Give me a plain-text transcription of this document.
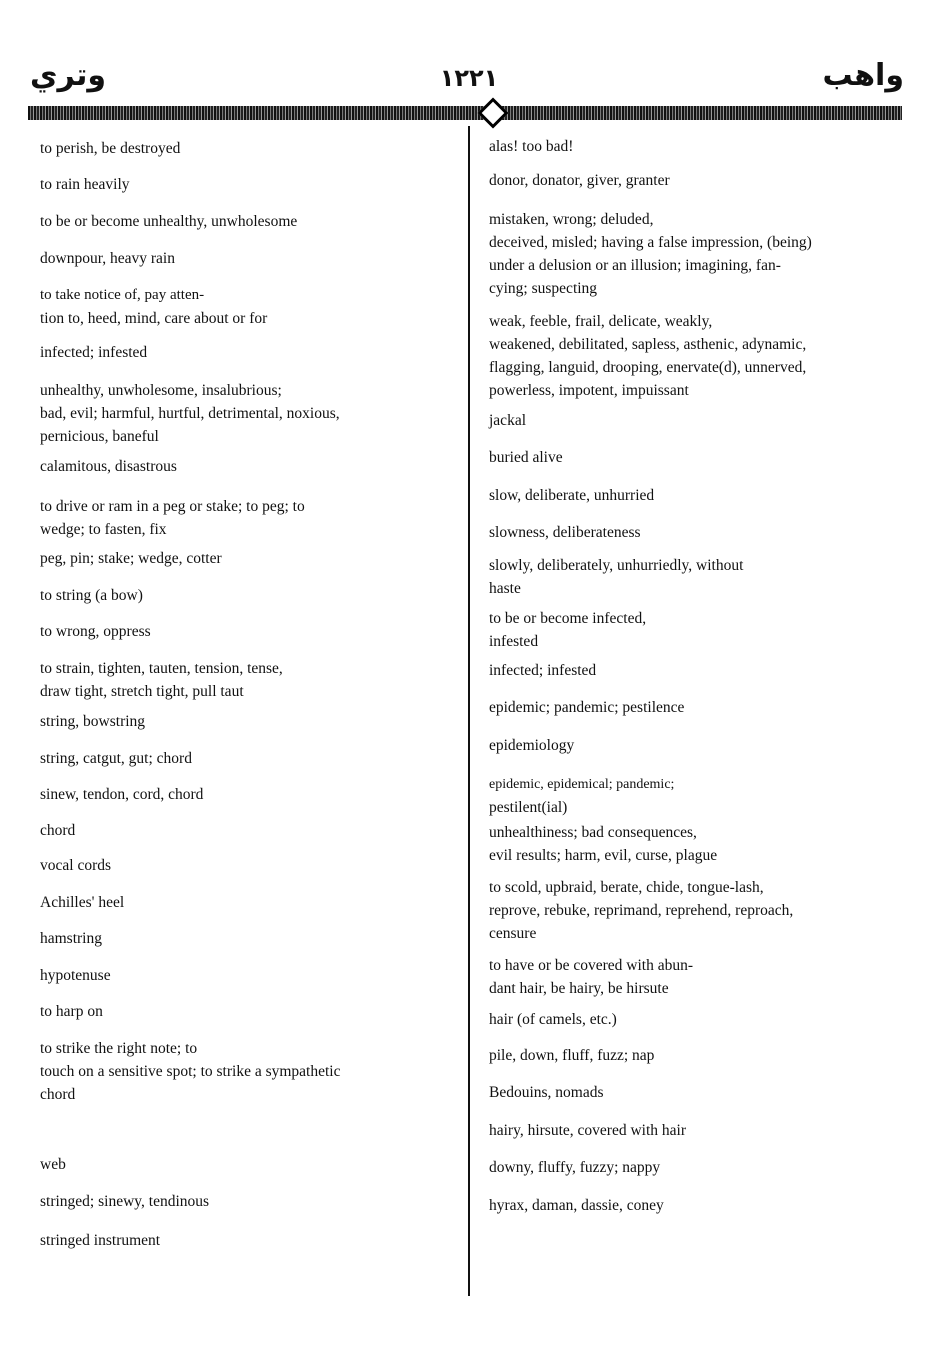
وتري	١٢٢١	واهب
to perish, be destroyed
to rain heavily
to be or become unhealthy, unwholesome
downpour, heavy rain
to take notice of, pay atten-
tion to, heed, mind, care about or for
infected; infested
unhealthy, unwholesome, insalubrious;
bad, evil; harmful, hurtful, detrimental, noxious,
pernicious, baneful
calamitous, disastrous
to drive or ram in a peg or stake; to peg; to
wedge; to fasten, fix
peg, pin; stake; wedge, cotter
to string (a bow)
to wrong, oppress
to strain, tighten, tauten, tension, tense,
draw tight, stretch tight, pull taut
string, bowstring
string, catgut, gut; chord
sinew, tendon, cord, chord
chord
vocal cords
Achilles' heel
hamstring
hypotenuse
to harp on
to strike the right note; to
touch on a sensitive spot; to strike a sympathetic
chord
web
stringed; sinewy, tendinous
stringed instrument
alas! too bad!
donor, donator, giver, granter
mistaken, wrong; deluded,
deceived, misled; having a false impression, (being)
under a delusion or an illusion; imagining, fan-
cying; suspecting
weak, feeble, frail, delicate, weakly,
weakened, debilitated, sapless, asthenic, adynamic,
flagging, languid, drooping, enervate(d), unnerved,
powerless, impotent, impuissant
jackal
buried alive
slow, deliberate, unhurried
slowness, deliberateness
slowly, deliberately, unhurriedly, without
haste
to be or become infected,
infested
infected; infested
epidemic; pandemic; pestilence
epidemiology
epidemic, epidemical; pandemic;
pestilent(ial)
unhealthiness; bad consequences,
evil results; harm, evil, curse, plague
to scold, upbraid, berate, chide, tongue-lash,
reprove, rebuke, reprimand, reprehend, reproach,
censure
to have or be covered with abun-
dant hair, be hairy, be hirsute
hair (of camels, etc.)
pile, down, fluff, fuzz; nap
Bedouins, nomads
hairy, hirsute, covered with hair
downy, fluffy, fuzzy; nappy
hyrax, daman, dassie, coney
